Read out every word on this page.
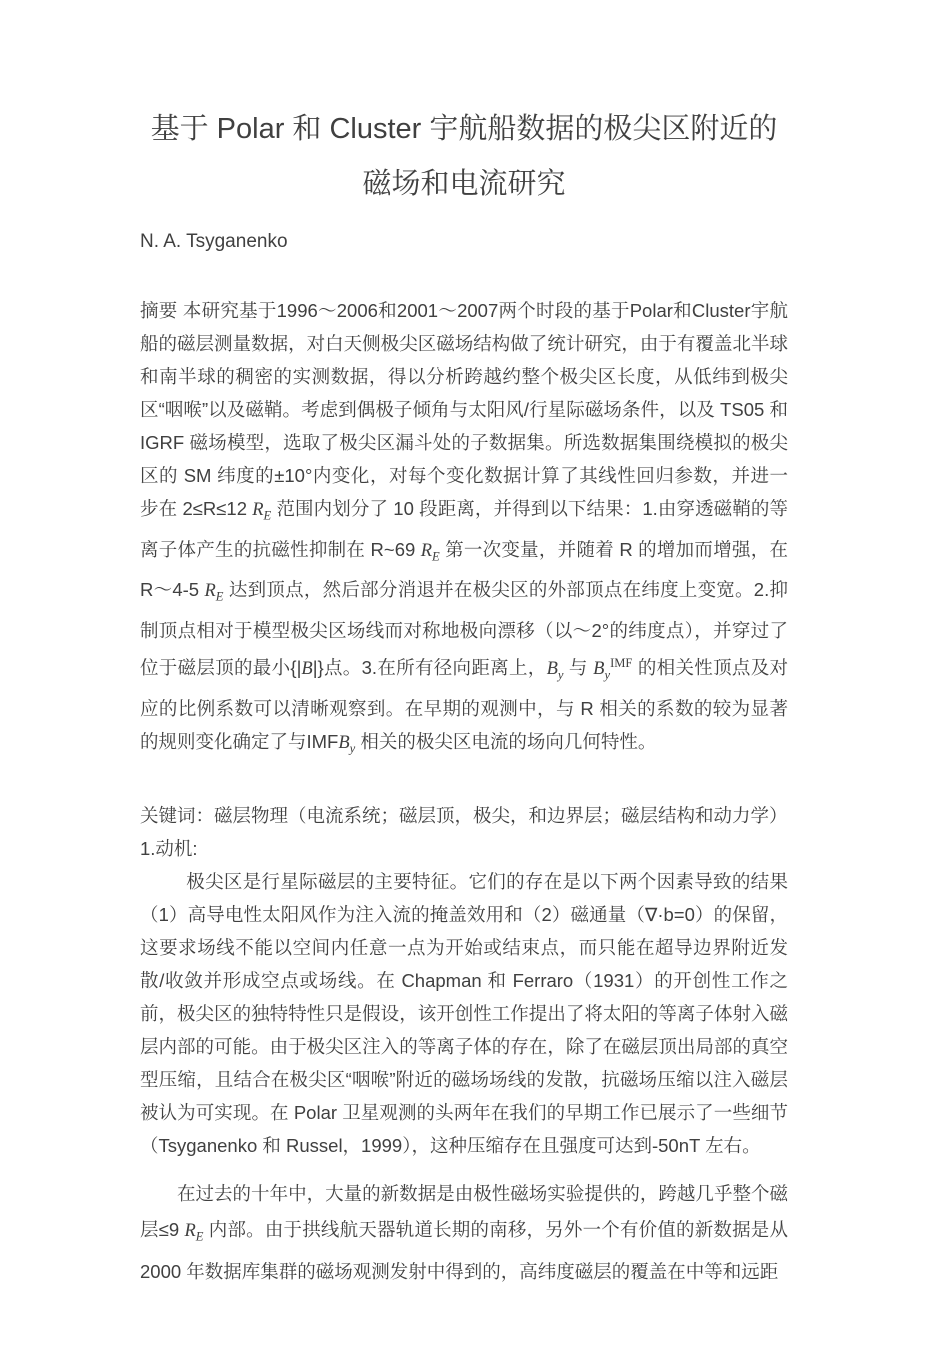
基于 Polar 和 Cluster 宇航船数据的极尖区附近的磁场和电流研究

N. A. Tsyganenko

摘要 本研究基于1996～2006和2001～2007两个时段的基于Polar和Cluster宇航船的磁层测量数据，对白天侧极尖区磁场结构做了统计研究，由于有覆盖北半球和南半球的稠密的实测数据，得以分析跨越约整个极尖区长度，从低纬到极尖区“咽喉”以及磁鞘。考虑到偶极子倾角与太阳风/行星际磁场条件，以及 TS05 和 IGRF 磁场模型，选取了极尖区漏斗处的子数据集。所选数据集围绕模拟的极尖区的 SM 纬度的±10°内变化，对每个变化数据计算了其线性回归参数，并进一步在 2≤R≤12 $R_E$ 范围内划分了 10 段距离，并得到以下结果：1.由穿透磁鞘的等离子体产生的抗磁性抑制在 R~69 $R_E$ 第一次变量，并随着 R 的增加而增强，在 R～4-5 $R_E$ 达到顶点，然后部分消退并在极尖区的外部顶点在纬度上变宽。2.抑制顶点相对于模型极尖区场线而对称地极向漂移（以～2°的纬度点），并穿过了位于磁层顶的最小{|B|}点。3.在所有径向距离上，$B_y$ 与 $B_y^{IMF}$ 的相关性顶点及对应的比例系数可以清晰观察到。在早期的观测中，与 R 相关的系数的较为显著的规则变化确定了与$IMFB_y$ 相关的极尖区电流的场向几何特性。

关键词：磁层物理（电流系统；磁层顶，极尖，和边界层；磁层结构和动力学）

1.动机:

极尖区是行星际磁层的主要特征。它们的存在是以下两个因素导致的结果（1）高导电性太阳风作为注入流的掩盖效用和（2）磁通量（∇·b=0）的保留，这要求场线不能以空间内任意一点为开始或结束点，而只能在超导边界附近发散/收敛并形成空点或场线。在 Chapman 和 Ferraro（1931）的开创性工作之前，极尖区的独特特性只是假设，该开创性工作提出了将太阳的等离子体射入磁层内部的可能。由于极尖区注入的等离子体的存在，除了在磁层顶出局部的真空型压缩，且结合在极尖区“咽喉”附近的磁场场线的发散，抗磁场压缩以注入磁层被认为可实现。在 Polar 卫星观测的头两年在我们的早期工作已展示了一些细节（Tsyganenko 和 Russel，1999），这种压缩存在且强度可达到-50nT 左右。

在过去的十年中，大量的新数据是由极性磁场实验提供的，跨越几乎整个磁层≤9 $R_E$ 内部。由于拱线航天器轨道长期的南移，另外一个有价值的新数据是从2000 年数据库集群的磁场观测发射中得到的，高纬度磁层的覆盖在中等和远距
